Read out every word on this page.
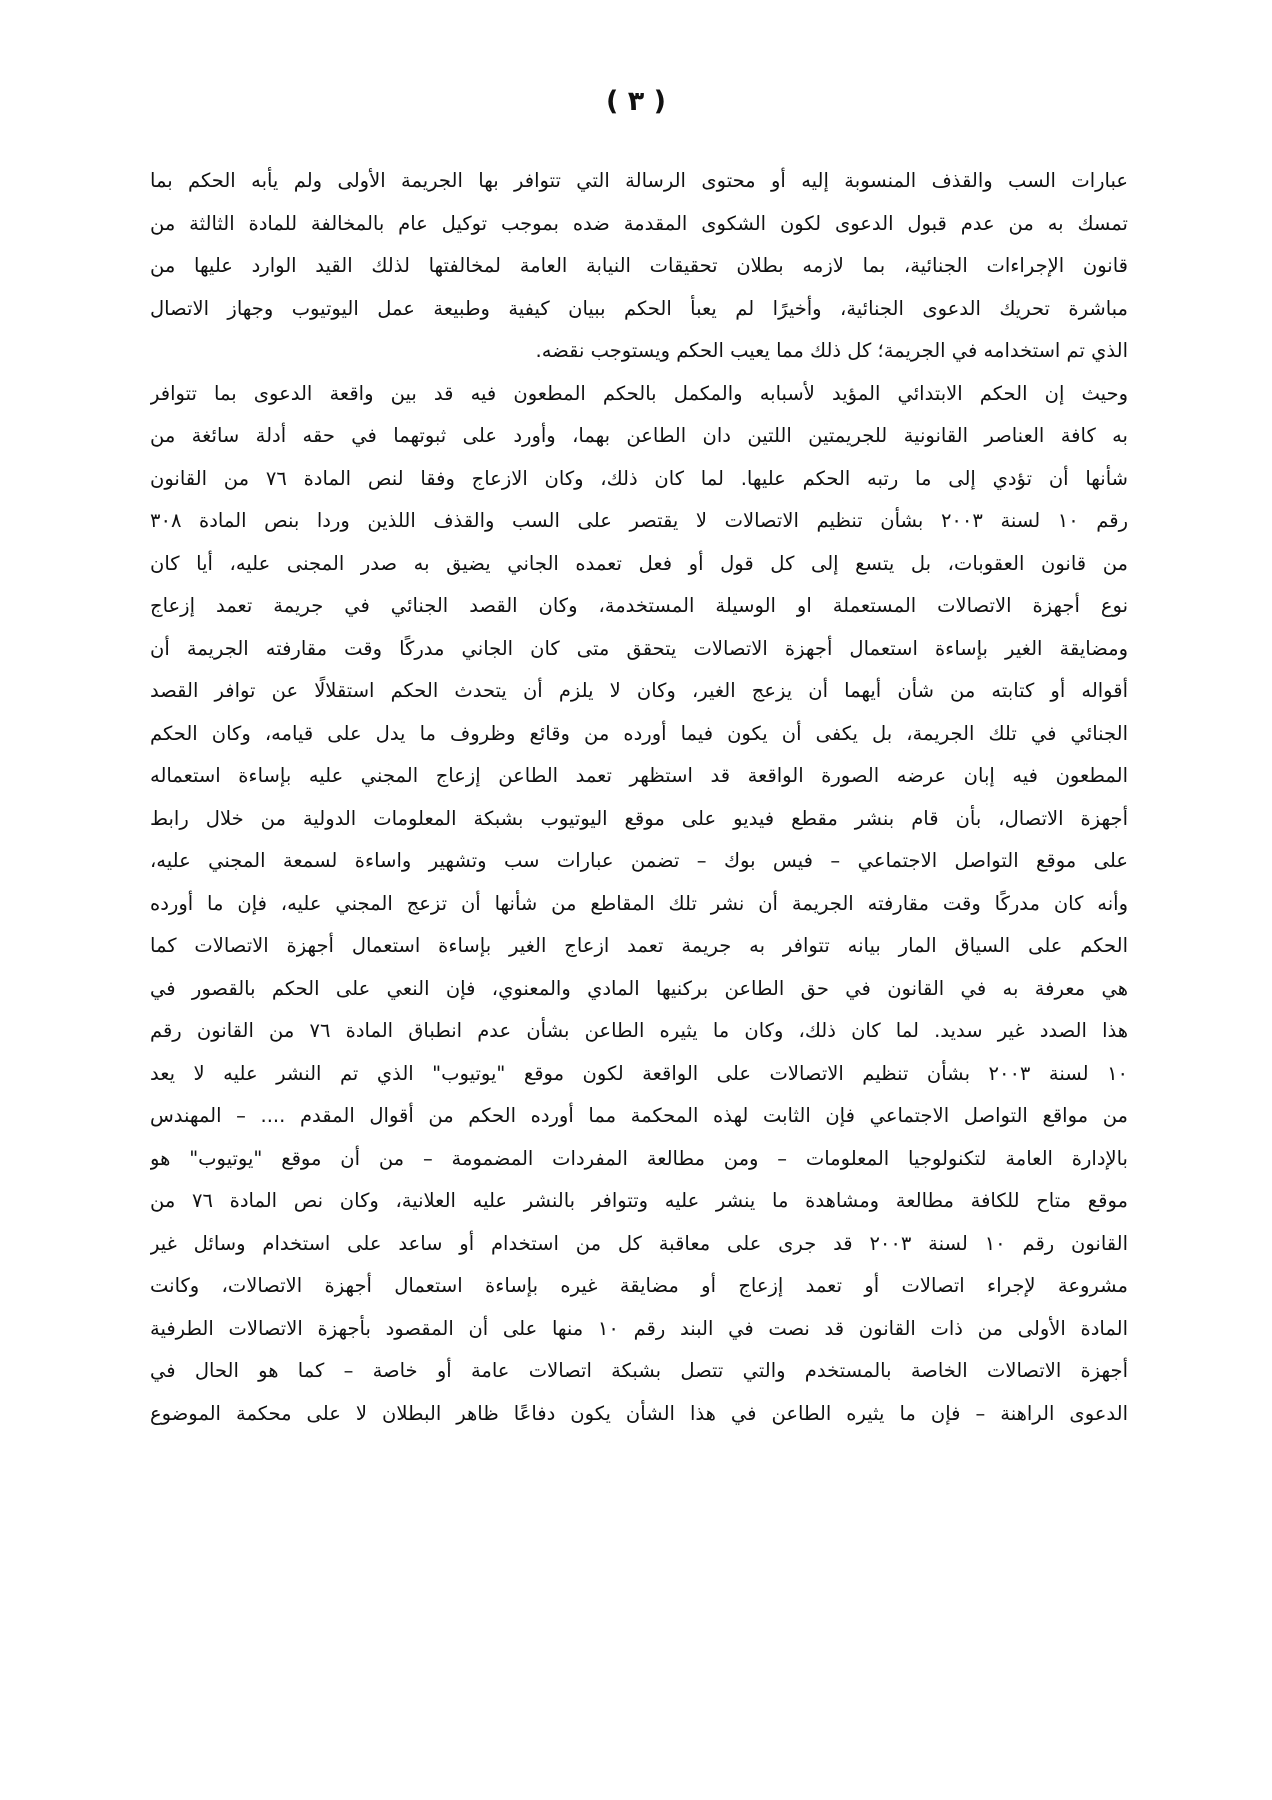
( ٣ )
عبارات السب والقذف المنسوبة إليه أو محتوى الرسالة التي تتوافر بها الجريمة الأولى ولم يأبه الحكم بما
تمسك به من عدم قبول الدعوى لكون الشكوى المقدمة ضده بموجب توكيل عام بالمخالفة للمادة الثالثة من
قانون الإجراءات الجنائية، بما لازمه بطلان تحقيقات النيابة العامة لمخالفتها لذلك القيد الوارد عليها من
مباشرة تحريك الدعوى الجنائية، وأخيرًا لم يعبأ الحكم ببيان كيفية وطبيعة عمل اليوتيوب وجهاز الاتصال
الذي تم استخدامه في الجريمة؛ كل ذلك مما يعيب الحكم ويستوجب نقضه.
وحيث إن الحكم الابتدائي المؤيد لأسبابه والمكمل بالحكم المطعون فيه قد بين واقعة الدعوى بما تتوافر
به كافة العناصر القانونية للجريمتين اللتين دان الطاعن بهما، وأورد على ثبوتهما في حقه أدلة سائغة من
شأنها أن تؤدي إلى ما رتبه الحكم عليها. لما كان ذلك، وكان الازعاج وفقا لنص المادة ٧٦ من القانون
رقم ١٠ لسنة ٢٠٠٣ بشأن تنظيم الاتصالات لا يقتصر على السب والقذف اللذين وردا بنص المادة ٣٠٨
من قانون العقوبات، بل يتسع إلى كل قول أو فعل تعمده الجاني يضيق به صدر المجنى عليه، أيا كان
نوع أجهزة الاتصالات المستعملة او الوسيلة المستخدمة، وكان القصد الجنائي في جريمة تعمد إزعاج
ومضايقة الغير بإساءة استعمال أجهزة الاتصالات يتحقق متى كان الجاني مدركًا وقت مقارفته الجريمة أن
أقواله أو كتابته من شأن أيهما أن يزعج الغير، وكان لا يلزم أن يتحدث الحكم استقلالًا عن توافر القصد
الجنائي في تلك الجريمة، بل يكفى أن يكون فيما أورده من وقائع وظروف ما يدل على قيامه، وكان الحكم
المطعون فيه إبان عرضه الصورة الواقعة قد استظهر تعمد الطاعن إزعاج المجني عليه بإساءة استعماله
أجهزة الاتصال، بأن قام بنشر مقطع فيديو على موقع اليوتيوب بشبكة المعلومات الدولية من خلال رابط
على موقع التواصل الاجتماعي – فيس بوك – تضمن عبارات سب وتشهير واساءة لسمعة المجني عليه،
وأنه كان مدركًا وقت مقارفته الجريمة أن نشر تلك المقاطع من شأنها أن تزعج المجني عليه، فإن ما أورده
الحكم على السياق المار بيانه تتوافر به جريمة تعمد ازعاج الغير بإساءة استعمال أجهزة الاتصالات كما
هي معرفة به في القانون في حق الطاعن بركنيها المادي والمعنوي، فإن النعي على الحكم بالقصور في
هذا الصدد غير سديد. لما كان ذلك، وكان ما يثيره الطاعن بشأن عدم انطباق المادة ٧٦ من القانون رقم
١٠ لسنة ٢٠٠٣ بشأن تنظيم الاتصالات على الواقعة لكون موقع "يوتيوب" الذي تم النشر عليه لا يعد
من مواقع التواصل الاجتماعي فإن الثابت لهذه المحكمة مما أورده الحكم من أقوال المقدم .... – المهندس
بالإدارة العامة لتكنولوجيا المعلومات – ومن مطالعة المفردات المضمومة – من أن موقع "يوتيوب" هو
موقع متاح للكافة مطالعة ومشاهدة ما ينشر عليه وتتوافر بالنشر عليه العلانية، وكان نص المادة ٧٦ من
القانون رقم ١٠ لسنة ٢٠٠٣ قد جرى على معاقبة كل من استخدام أو ساعد على استخدام وسائل غير
مشروعة لإجراء اتصالات أو تعمد إزعاج أو مضايقة غيره بإساءة استعمال أجهزة الاتصالات، وكانت
المادة الأولى من ذات القانون قد نصت في البند رقم ١٠ منها على أن المقصود بأجهزة الاتصالات الطرفية
أجهزة الاتصالات الخاصة بالمستخدم والتي تتصل بشبكة اتصالات عامة أو خاصة – كما هو الحال في
الدعوى الراهنة – فإن ما يثيره الطاعن في هذا الشأن يكون دفاعًا ظاهر البطلان لا على محكمة الموضوع
